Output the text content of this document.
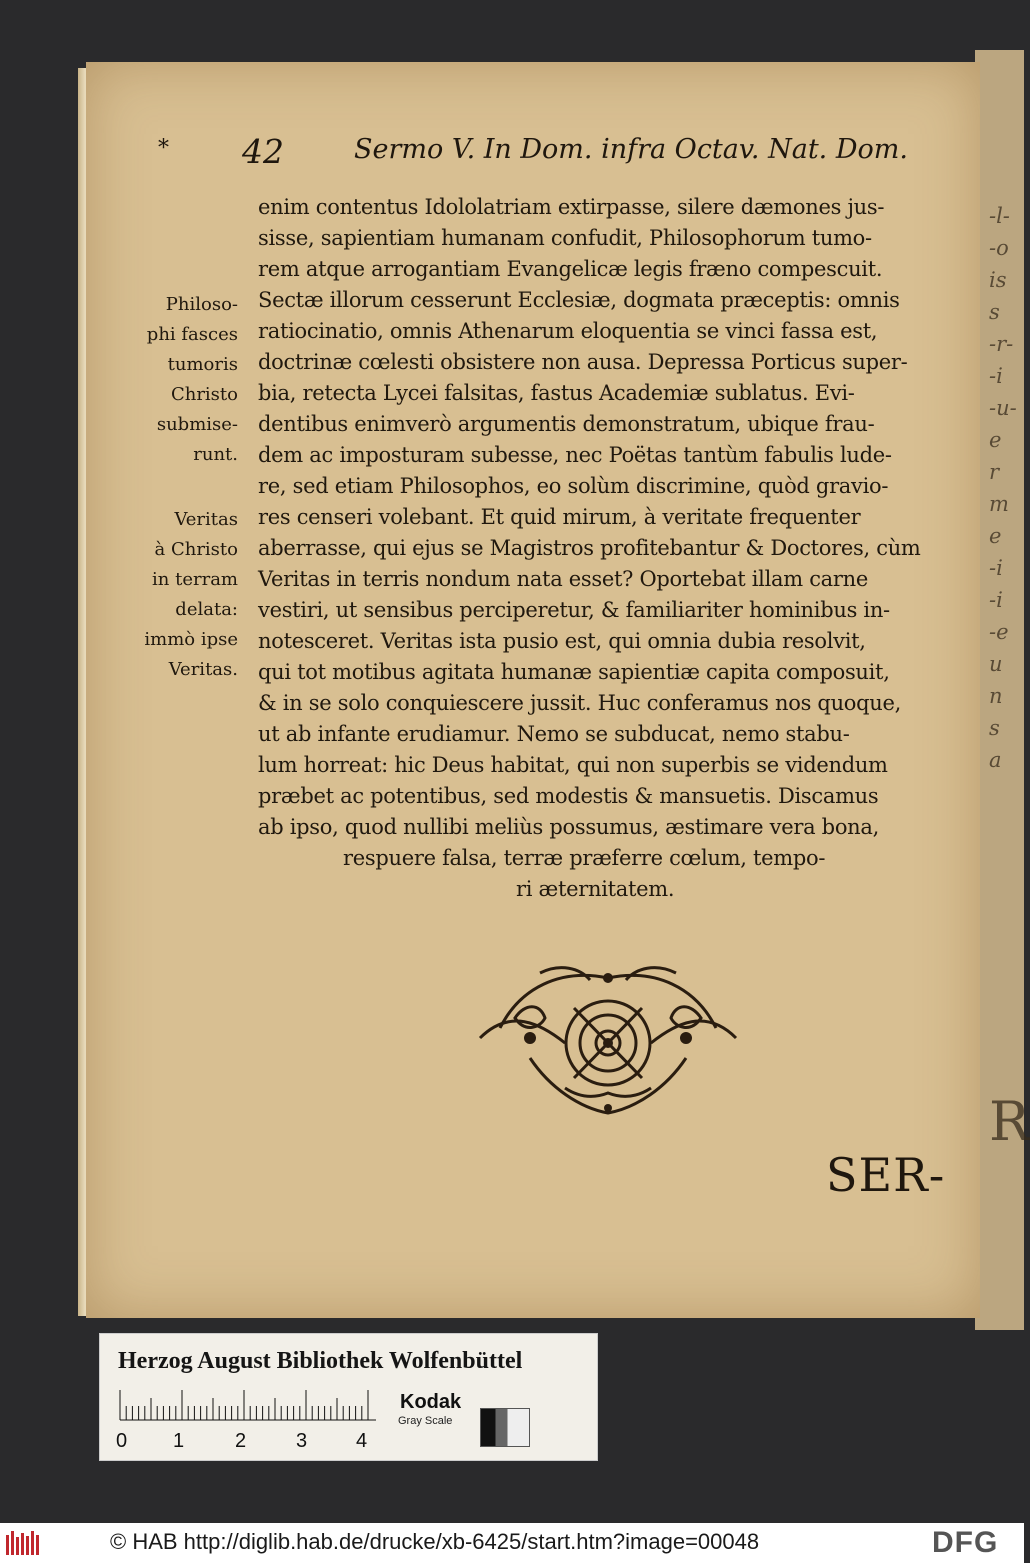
-l-
-o
is
s
-r-
-i
-u-
e
r
m
e
-i
-i
-e
u
n
s
a
R
* 42	Sermo V. In Dom. infra Octav. Nat. Dom.
Philoso-
phi fasces
tumoris
Christo
submise-
runt.
Veritas
à Christo
in terram
delata:
immò ipse
Veritas.
enim contentus Idololatriam extirpasse, silere dæmones jus-
sisse, sapientiam humanam confudit, Philosophorum tumo-
rem atque arrogantiam Evangelicæ legis fræno compescuit.
Sectæ illorum cesserunt Ecclesiæ, dogmata præceptis: omnis
ratiocinatio, omnis Athenarum eloquentia se vinci fassa est,
doctrinæ cœlesti obsistere non ausa. Depressa Porticus super-
bia, retecta Lycei falsitas, fastus Academiæ sublatus. Evi-
dentibus enimverò argumentis demonstratum, ubique frau-
dem ac imposturam subesse, nec Poëtas tantùm fabulis lude-
re, sed etiam Philosophos, eo solùm discrimine, quòd gravio-
res censeri volebant. Et quid mirum, à veritate frequenter
aberrasse, qui ejus se Magistros profitebantur & Doctores, cùm
Veritas in terris nondum nata esset? Oportebat illam carne
vestiri, ut sensibus perciperetur, & familiariter hominibus in-
notesceret. Veritas ista pusio est, qui omnia dubia resolvit,
qui tot motibus agitata humanæ sapientiæ capita composuit,
& in se solo conquiescere jussit. Huc conferamus nos quoque,
ut ab infante erudiamur. Nemo se subducat, nemo stabu-
lum horreat: hic Deus habitat, qui non superbis se videndum
præbet ac potentibus, sed modestis & mansuetis. Discamus
ab ipso, quod nullibi meliùs possumus, æstimare vera bona,
respuere falsa, terræ præferre cœlum, tempo-
ri æternitatem.
SER-
Herzog August Bibliothek Wolfenbüttel
0 1	2 3 4
Kodak
Gray Scale
© HAB http://diglib.hab.de/drucke/xb-6425/start.htm?image=00048	DFG
